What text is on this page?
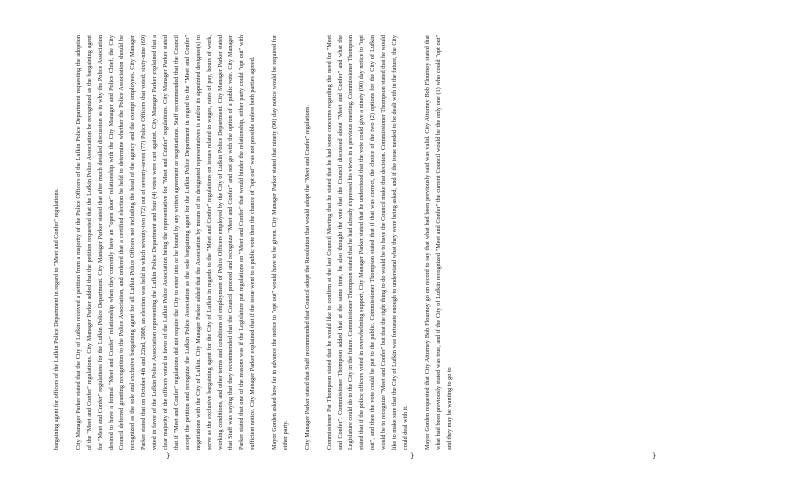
bargaining agent for officers of the Lufkin Police Department in regard to "Meet and Confer" regulations.	City Manager Parker stated that the City of Lufkin received a petition from a majority of the Police Officers of the Lufkin Police Department requesting the adoption of the "Meet and Confer" regulations. City Manager Parker added that the petition requested that the Lufkin Police Association be recognized as the bargaining agent for "Meet and Confer" regulations for the Lufkin Police Department. City Manager Parker stated that after much detailed discussion as to why the Police Association desired to have a formal "Meet and Confer" relationship when they currently have an "open door" relationship with the City Manager and Police Chief, the City Council deferred granting recognition to the Police Association, and ordered that a certified election be held to determine whether the Police Association should be recognized as the sole and exclusive bargaining agent for all Lufkin Police Officers not including the head of the agency and the exempt employees. City Manager Parker stated that on October 4th and 22nd, 2008, an election was held in which seventy-two (72) out of seventy-seven (77) Police Officers that voted; sixty-nine (69) voted in favor of the Lufkin Police Association representing the Lufkin Police Department and four (4) votes were cast against. City Manager Parker explained that a clear majority of the officers voted in favor of the Lufkin Police Association being the representative for "Meet and Confer" regulations. City Manager Parker stated that if "Meet and Confer" regulations did not require the City to enter into or be bound by any written agreement or negotiations. Staff recommended that the Council accept the petition and recognize the Lufkin Police Association as the sole bargaining agent for the Lufkin Police Department in regard to the "Meet and Confer" negotiations with the City of Lufkin. City Manager Parker added that the Association by means of its designated representatives is and/or its appointed designee(s) to serve as the exclusive bargaining agent for the City of Lufkin in regards to the "Meet and Confer" regulations on issues related to wages, rates of pay, hours of work, working conditions, and other terms and conditions of employment of Police Officers employed by the City of Lufkin Police Department. City Manager Parker stated that Staff was saying that they recommended that the Council proceed and recognize "Meet and Confer" and not go with the option of a public vote. City Manager Parker stated that one of the reasons was if the Legislature put regulations on "Meet and Confer" that would hinder the relationship, either party could "opt out" with sufficient notice. City Manager Parker explained that if the issue went to a public vote then the chance of "opt out" was not possible unless both parties agreed.	Mayor Gorden asked how far in advance the notice to "opt out" would have to be given. City Manager Parker stated that ninety (90) day notice would be required for either party.	City Manager Parker stated that Staff recommended that Council adopt the Resolution that would adopt the "Meet and Confer" regulations.	Commissioner Pat Thompson stated that he would like to confirm at the last Council Meeting that he stated that he had some concerns regarding the need for "Meet and Confer". Commissioner Thompson added that at the same time, he also thought the vote that the Council discussed about "Meet and Confer" and what the Legislature could do to the City in the future. Commissioner Thompson stated that he had already expressed his views in a previous meeting. Commissioner Thompson stated that if the police officers voted in overwhelming support, City Manager Parker stated that he understood that the vote could give a ninety (90) day notice to "opt out", and then the vote could be put to the public. Commissioner Thompson stated that if that was correct, the choice of the two (2) options for the City of Lufkin would be to recognize "Meet and Confer" but that the right thing to do would be to have the Council make that decision. Commissioner Thompson stated that he would like to make sure that the City of Lufkin was fortunate enough to understand what they were being asked, and if the issue needed to be dealt with in the future, the City could deal with it.	Mayor Gorden requested that City Attorney Bob Flournoy go on record to say that what had been previously said was valid. City Attorney Bob Flournoy stated that what had been previously stated was true, and if the City of Lufkin recognized "Meet and Confer" the current Council would be the only one (1) who could "opt out" and they may be wanting to go to

}	}	}
